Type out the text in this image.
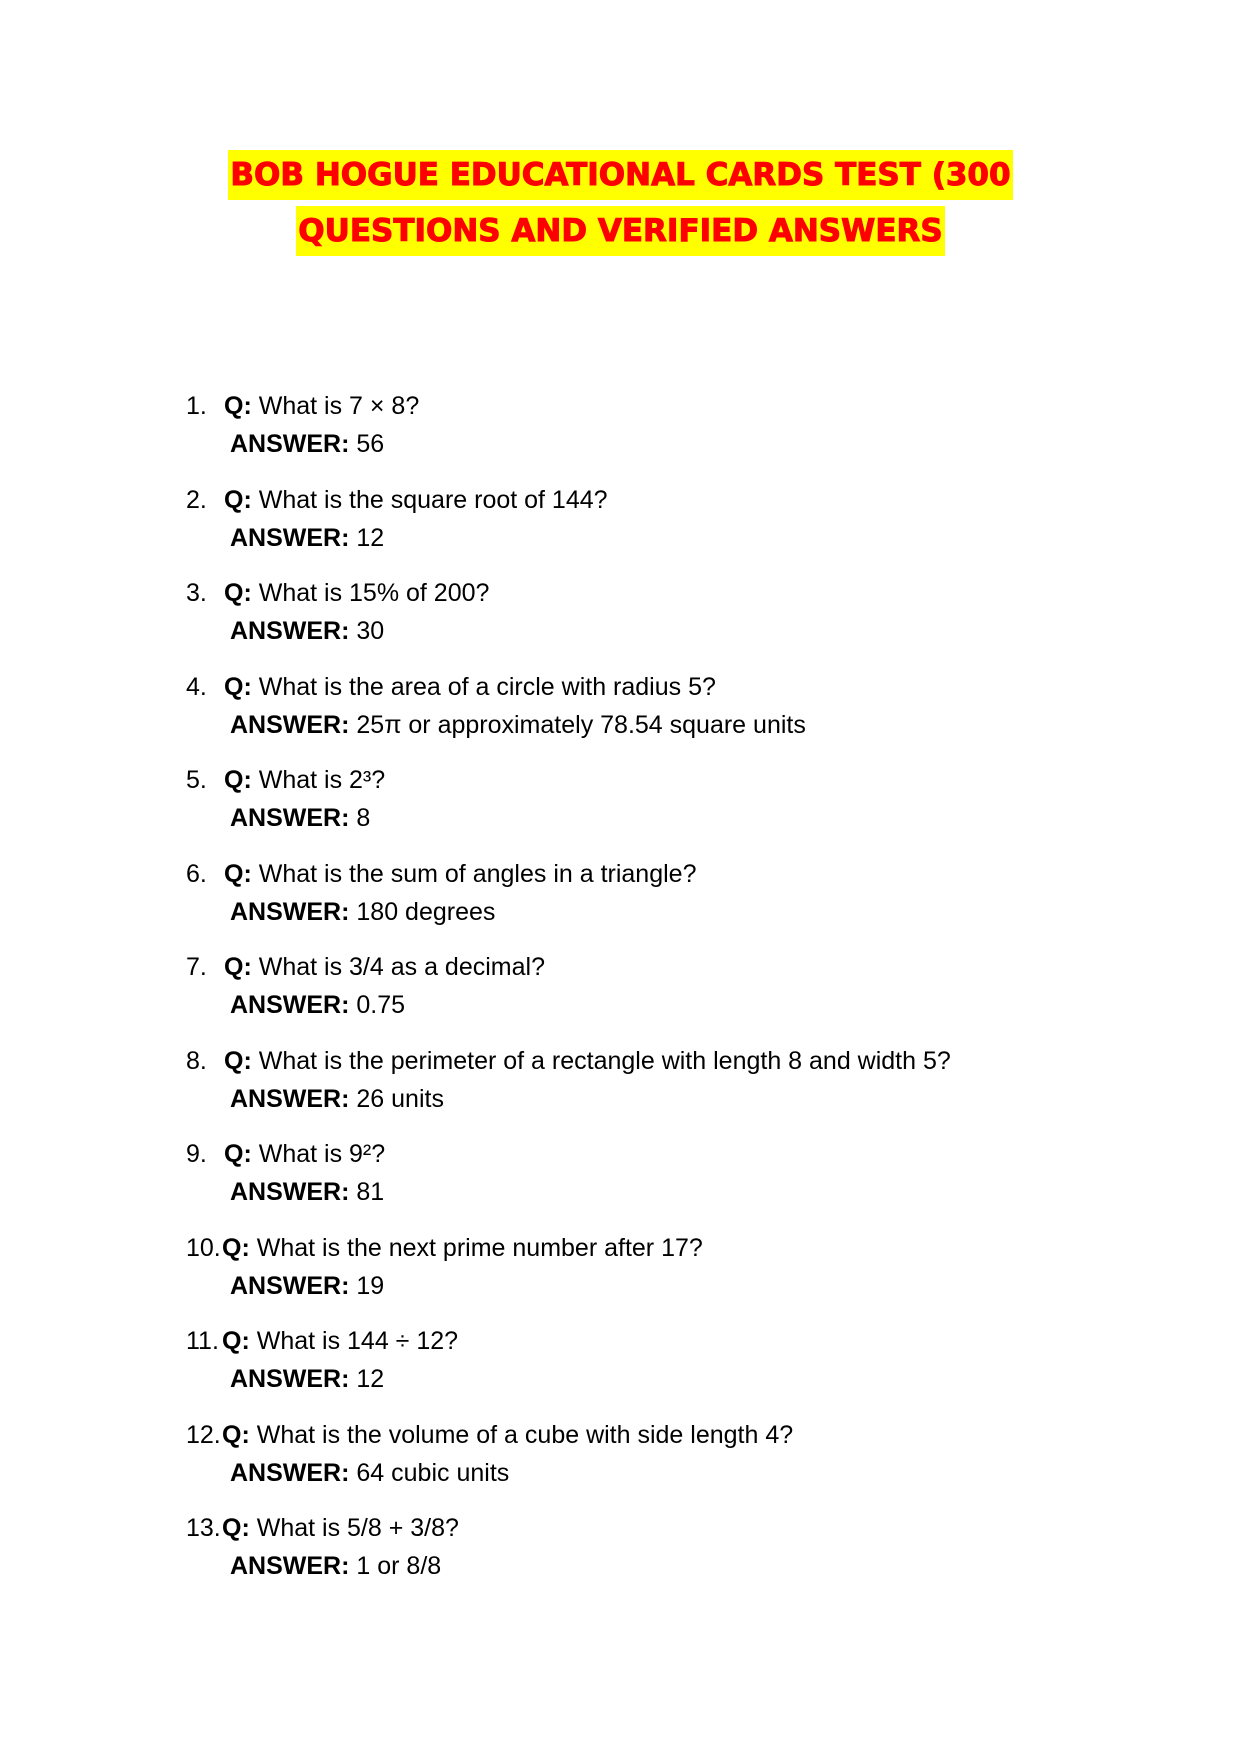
BOB HOGUE EDUCATIONAL CARDS TEST (300
QUESTIONS AND VERIFIED ANSWERS
1. Q: What is 7 × 8?
ANSWER: 56
2. Q: What is the square root of 144?
ANSWER: 12
3. Q: What is 15% of 200?
ANSWER: 30
4. Q: What is the area of a circle with radius 5?
ANSWER: 25π or approximately 78.54 square units
5. Q: What is 2³?
ANSWER: 8
6. Q: What is the sum of angles in a triangle?
ANSWER: 180 degrees
7. Q: What is 3/4 as a decimal?
ANSWER: 0.75
8. Q: What is the perimeter of a rectangle with length 8 and width 5?
ANSWER: 26 units
9. Q: What is 9²?
ANSWER: 81
10. Q: What is the next prime number after 17?
ANSWER: 19
11. Q: What is 144 ÷ 12?
ANSWER: 12
12. Q: What is the volume of a cube with side length 4?
ANSWER: 64 cubic units
13. Q: What is 5/8 + 3/8?
ANSWER: 1 or 8/8
